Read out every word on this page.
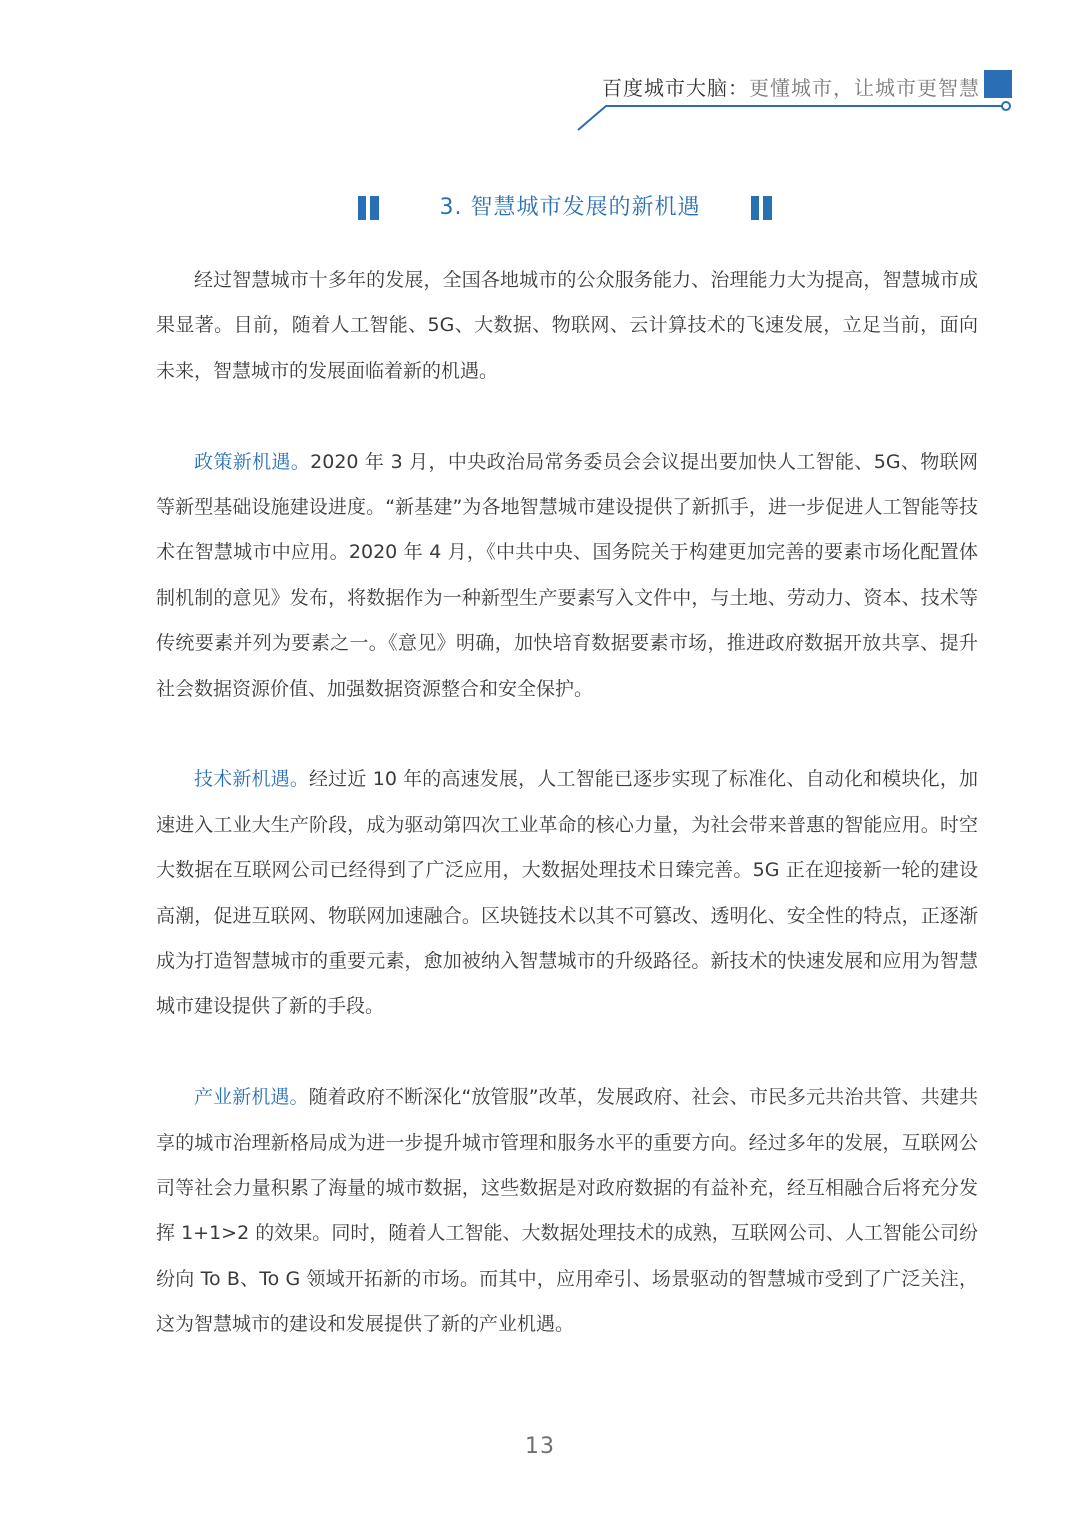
百度城市大脑：更懂城市，让城市更智慧
3. 智慧城市发展的新机遇

经过智慧城市十多年的发展，全国各地城市的公众服务能力、治理能力大为提高，智慧城市成果显著。目前，随着人工智能、5G、大数据、物联网、云计算技术的飞速发展，立足当前，面向未来，智慧城市的发展面临着新的机遇。

政策新机遇。2020 年 3 月，中央政治局常务委员会会议提出要加快人工智能、5G、物联网等新型基础设施建设进度。“新基建”为各地智慧城市建设提供了新抓手，进一步促进人工智能等技术在智慧城市中应用。2020 年 4 月，《中共中央、国务院关于构建更加完善的要素市场化配置体制机制的意见》发布，将数据作为一种新型生产要素写入文件中，与土地、劳动力、资本、技术等传统要素并列为要素之一。《意见》明确，加快培育数据要素市场，推进政府数据开放共享、提升社会数据资源价值、加强数据资源整合和安全保护。

技术新机遇。经过近 10 年的高速发展，人工智能已逐步实现了标准化、自动化和模块化，加速进入工业大生产阶段，成为驱动第四次工业革命的核心力量，为社会带来普惠的智能应用。时空大数据在互联网公司已经得到了广泛应用，大数据处理技术日臻完善。5G 正在迎接新一轮的建设高潮，促进互联网、物联网加速融合。区块链技术以其不可篡改、透明化、安全性的特点，正逐渐成为打造智慧城市的重要元素，愈加被纳入智慧城市的升级路径。新技术的快速发展和应用为智慧城市建设提供了新的手段。

产业新机遇。随着政府不断深化“放管服”改革，发展政府、社会、市民多元共治共管、共建共享的城市治理新格局成为进一步提升城市管理和服务水平的重要方向。经过多年的发展，互联网公司等社会力量积累了海量的城市数据，这些数据是对政府数据的有益补充，经互相融合后将充分发挥 1+1>2 的效果。同时，随着人工智能、大数据处理技术的成熟，互联网公司、人工智能公司纷纷向 To B、To G 领域开拓新的市场。而其中，应用牵引、场景驱动的智慧城市受到了广泛关注，这为智慧城市的建设和发展提供了新的产业机遇。

13
